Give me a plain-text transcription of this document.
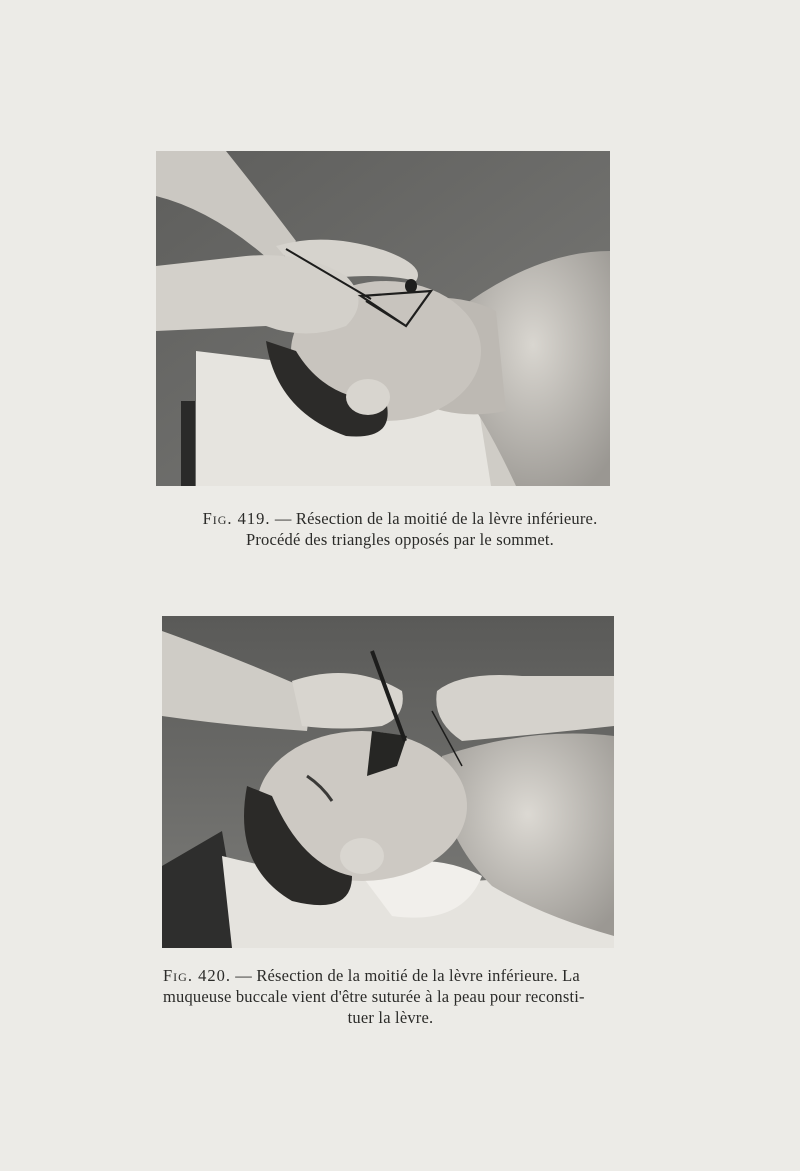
Fig. 419. — Résection de la moitié de la lèvre inférieure.
Procédé des triangles opposés par le sommet.
Fig. 420. — Résection de la moitié de la lèvre inférieure. La
muqueuse buccale vient d'être suturée à la peau pour reconsti-
tuer la lèvre.
